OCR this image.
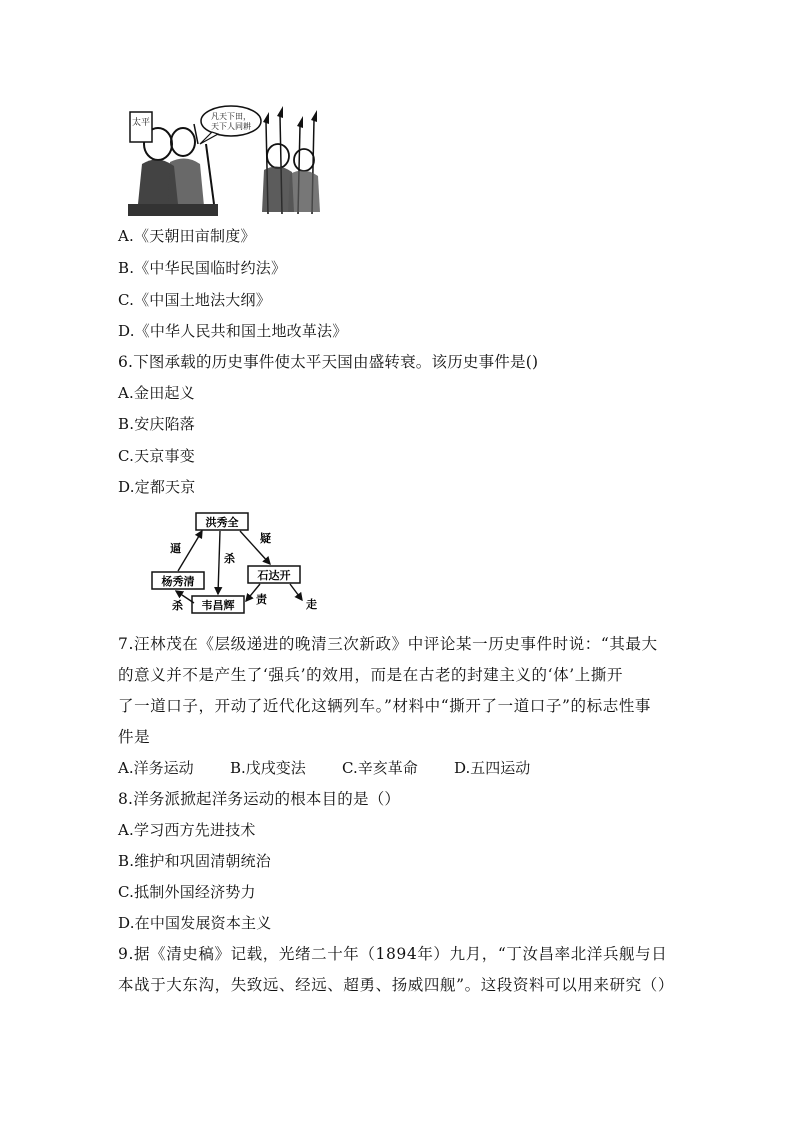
太平
凡天下田，
天下人同耕
A.《天朝田亩制度》
B.《中华民国临时约法》
C.《中国土地法大纲》
D.《中华人民共和国土地改革法》
6.下图承载的历史事件使太平天国由盛转衰。该历史事件是()
A.金田起义
B.安庆陷落
C.天京事变
D.定都天京
洪秀全
杨秀清	石达开
韦昌辉
逼
杀
疑
杀	责	走
7.汪林茂在《层级递进的晚清三次新政》中评论某一历史事件时说：“其最大
的意义并不是产生了‘强兵’的效用，而是在古老的封建主义的‘体’上撕开
了一道口子，开动了近代化这辆列车。”材料中“撕开了一道口子”的标志性事
件是
A.洋务运动 B.戊戌变法 C.辛亥革命 D.五四运动
8.洋务派掀起洋务运动的根本目的是（）
A.学习西方先进技术
B.维护和巩固清朝统治
C.抵制外国经济势力
D.在中国发展资本主义
9.据《清史稿》记载，光绪二十年（1894年）九月，“丁汝昌率北洋兵舰与日
本战于大东沟，失致远、经远、超勇、扬威四舰”。这段资料可以用来研究（）
